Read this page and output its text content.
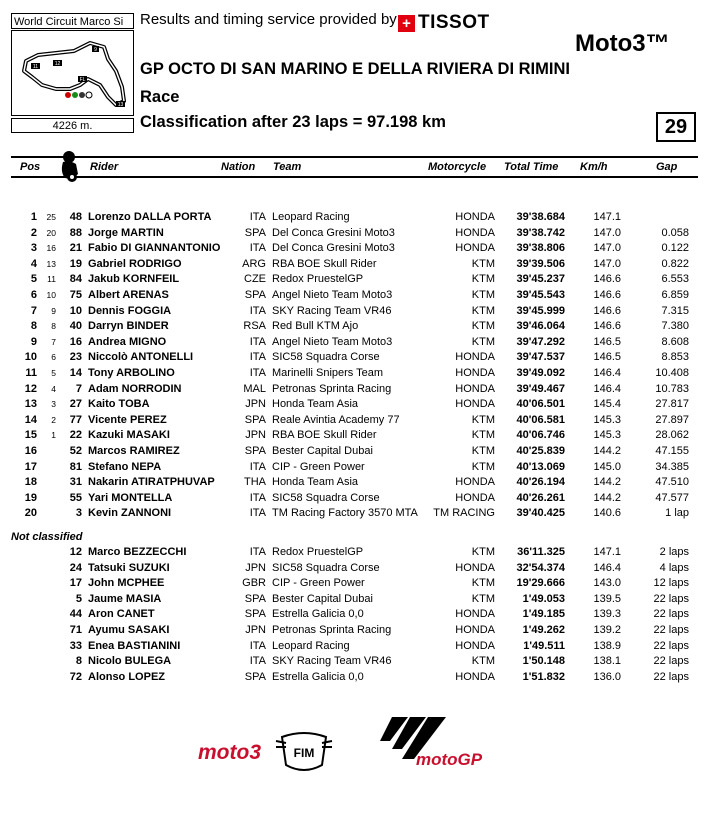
World Circuit Marco Si
9
11	12
FL
13
4226 m.
Results and timing service provided by + TISSOT
Moto3™
GP OCTO DI SAN MARINO E DELLA RIVIERA DI RIMINI
Race
Classification after 23 laps = 97.198 km	29
Pos	Rider	Nation Team	Motorcycle Total Time Km/h	Gap
1	25	48 Lorenzo DALLA PORTA	ITA Leopard Racing	HONDA	39'38.684	147.1
2	20	88 Jorge MARTIN	SPA Del Conca Gresini Moto3	HONDA	39'38.742	147.0	0.058
3	16	21 Fabio DI GIANNANTONIO	ITA Del Conca Gresini Moto3	HONDA	39'38.806	147.0	0.122
4	13	19 Gabriel RODRIGO	ARG RBA BOE Skull Rider	KTM	39'39.506	147.0	0.822
5	11	84 Jakub KORNFEIL	CZE Redox PruestelGP	KTM	39'45.237	146.6	6.553
6	10	75 Albert ARENAS	SPA Angel Nieto Team Moto3	KTM	39'45.543	146.6	6.859
7	9	10 Dennis FOGGIA	ITA SKY Racing Team VR46	KTM	39'45.999	146.6	7.315
8	8	40 Darryn BINDER	RSA Red Bull KTM Ajo	KTM	39'46.064	146.6	7.380
9	7	16 Andrea MIGNO	ITA Angel Nieto Team Moto3	KTM	39'47.292	146.5	8.608
10	6	23 Niccolò ANTONELLI	ITA SIC58 Squadra Corse	HONDA	39'47.537	146.5	8.853
11	5	14 Tony ARBOLINO	ITA Marinelli Snipers Team	HONDA	39'49.092	146.4	10.408
12	4	7 Adam NORRODIN	MAL Petronas Sprinta Racing	HONDA	39'49.467	146.4	10.783
13	3	27 Kaito TOBA	JPN Honda Team Asia	HONDA	40'06.501	145.4	27.817
14	2	77 Vicente PEREZ	SPA Reale Avintia Academy 77	KTM	40'06.581	145.3	27.897
15	1	22 Kazuki MASAKI	JPN RBA BOE Skull Rider	KTM	40'06.746	145.3	28.062
16	52 Marcos RAMIREZ	SPA Bester Capital Dubai	KTM	40'25.839	144.2	47.155
17	81 Stefano NEPA	ITA CIP - Green Power	KTM	40'13.069	145.0	34.385
18	31 Nakarin ATIRATPHUVAP	THA Honda Team Asia	HONDA	40'26.194	144.2	47.510
19	55 Yari MONTELLA	ITA SIC58 Squadra Corse	HONDA	40'26.261	144.2	47.577
20	3 Kevin ZANNONI	ITA TM Racing Factory 3570 MTA	TM RACING	39'40.425	140.6	1 lap
12 Marco BEZZECCHI	ITA Redox PruestelGP	KTM	36'11.325	147.1	2 laps
24 Tatsuki SUZUKI	JPN SIC58 Squadra Corse	HONDA	32'54.374	146.4	4 laps
17 John MCPHEE	GBR CIP - Green Power	KTM	19'29.666	143.0	12 laps
5 Jaume MASIA	SPA Bester Capital Dubai	KTM	1'49.053	139.5	22 laps
44 Aron CANET	SPA Estrella Galicia 0,0	HONDA	1'49.185	139.3	22 laps
71 Ayumu SASAKI	JPN Petronas Sprinta Racing	HONDA	1'49.262	139.2	22 laps
33 Enea BASTIANINI	ITA Leopard Racing	HONDA	1'49.511	138.9	22 laps
8 Nicolo BULEGA	ITA SKY Racing Team VR46	KTM	1'50.148	138.1	22 laps
72 Alonso LOPEZ	SPA Estrella Galicia 0,0	HONDA	1'51.832	136.0	22 laps
Not classified
moto3	FIM	motoGP
